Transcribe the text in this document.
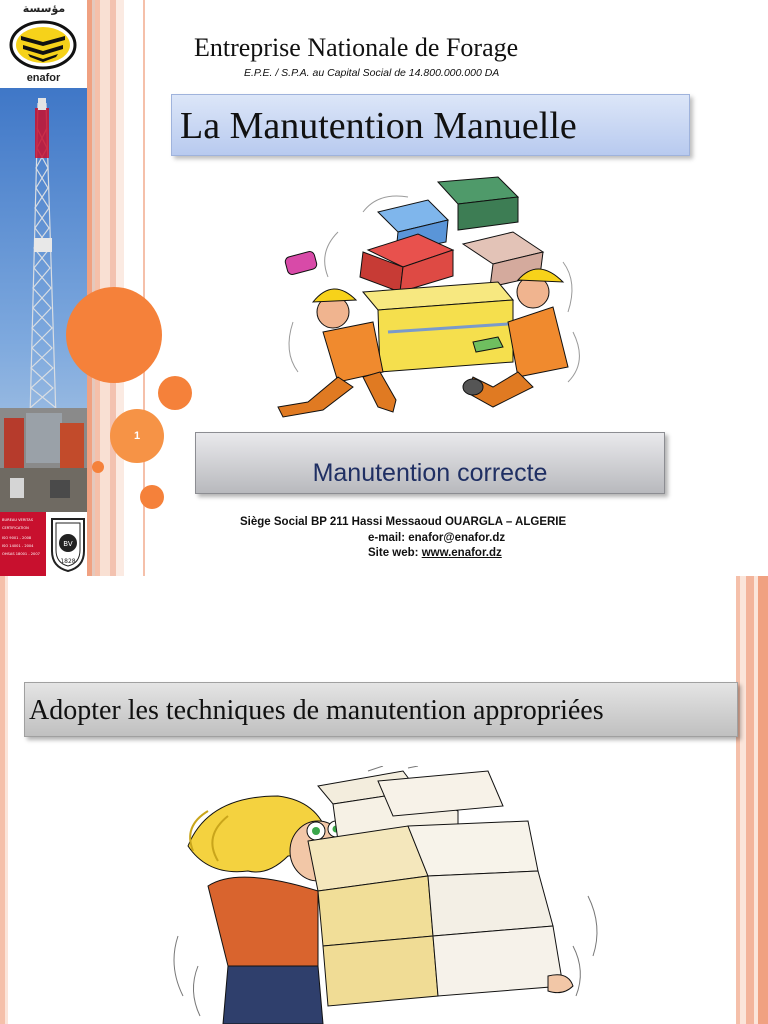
مؤسسة
enafor
BUREAU VERITAS
CERTIFICATION
ISO 9001 - 2008
ISO 14001 - 2004
OHSAS 18001 - 2007
BV
1828
1
Entreprise Nationale de Forage
E.P.E. / S.P.A. au Capital Social de 14.800.000.000 DA
La Manutention Manuelle
Manutention correcte
Siège Social BP 211 Hassi Messaoud OUARGLA – ALGERIE
e-mail: enafor@enafor.dz
Site web: www.enafor.dz
Adopter les techniques de manutention appropriées
